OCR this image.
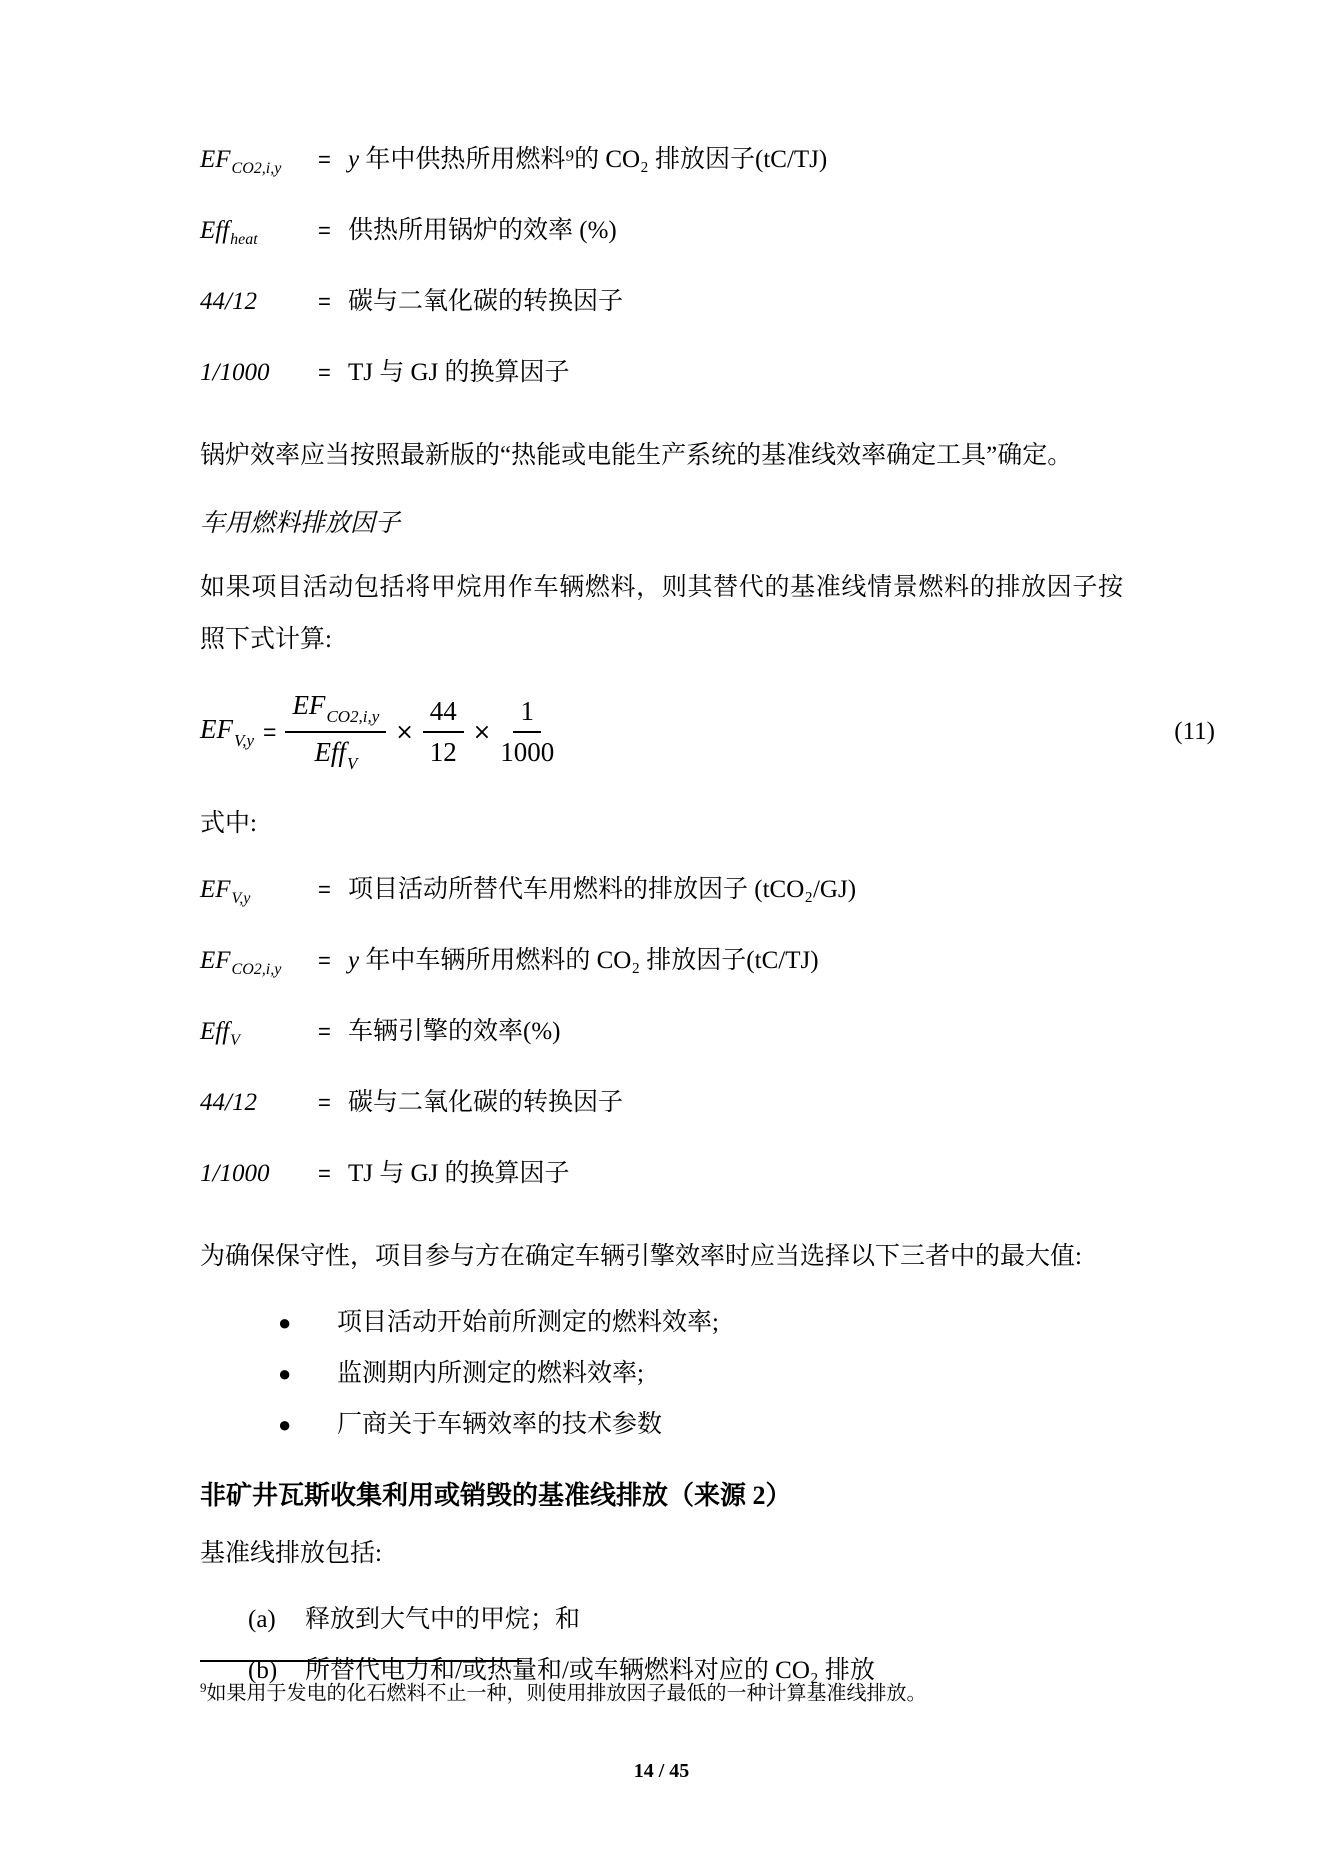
$EF_{CO2,i,y}$	= y 年中供热所用燃料⁹的 CO₂ 排放因子(tC/TJ)
Eff$_{heat}$	= 供热所用锅炉的效率 (%)
44/12	= 碳与二氧化碳的转换因子
1/1000	= TJ 与 GJ 的换算因子

锅炉效率应当按照最新版的“热能或电能生产系统的基准线效率确定工具”确定。

车用燃料排放因子

如果项目活动包括将甲烷用作车辆燃料，则其替代的基准线情景燃料的排放因子按照下式计算:

$EF_{V,y} = \frac{EF_{CO2,i,y}}{Eff_V} \times \frac{44}{12} \times \frac{1}{1000}$	(11)

式中:

$EF_{V,y}$	= 项目活动所替代车用燃料的排放因子 (tCO₂/GJ)
$EF_{CO2,i,y}$	= y 年中车辆所用燃料的 CO₂ 排放因子(tC/TJ)
Eff$_V$	= 车辆引擎的效率(%)
44/12	= 碳与二氧化碳的转换因子
1/1000	= TJ 与 GJ 的换算因子

为确保保守性，项目参与方在确定车辆引擎效率时应当选择以下三者中的最大值:

●	项目活动开始前所测定的燃料效率;
●	监测期内所测定的燃料效率;
●	厂商关于车辆效率的技术参数
非矿井瓦斯收集利用或销毁的基准线排放（来源 2）

基准线排放包括:

(a)	释放到大气中的甲烷；和
(b)	所替代电力和/或热量和/或车辆燃料对应的 CO₂ 排放
$^9$如果用于发电的化石燃料不止一种，则使用排放因子最低的一种计算基准线排放。
14 / 45
